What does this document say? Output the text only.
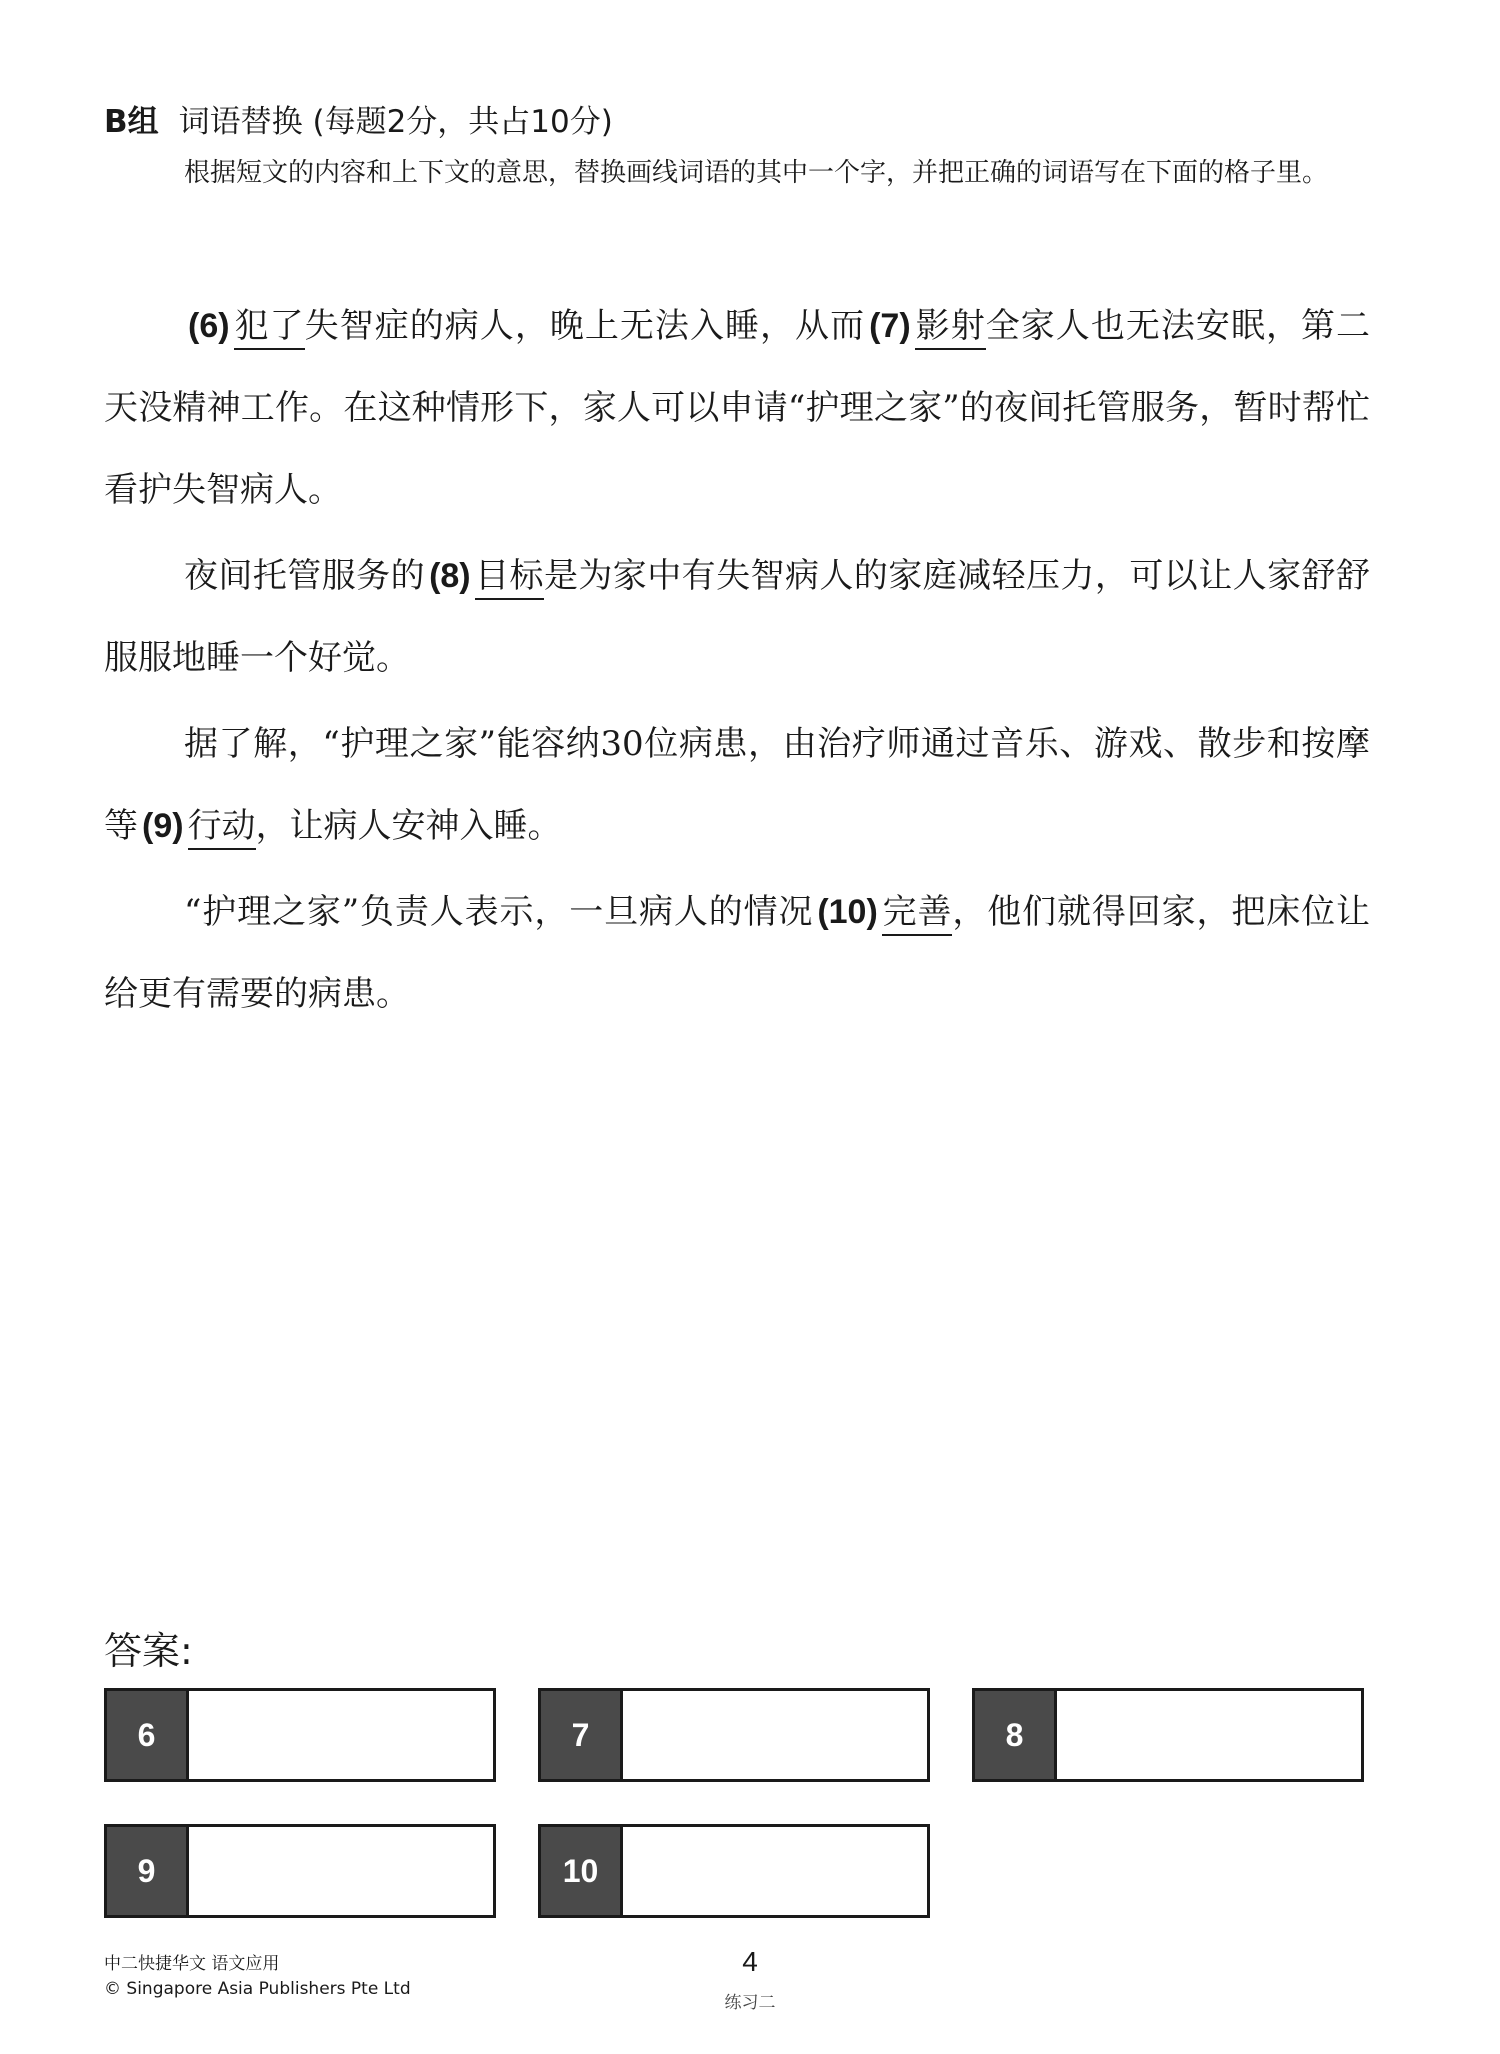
B组 词语替换 (每题2分，共占10分)
根据短文的内容和上下文的意思，替换画线词语的其中一个字，并把正确的词语写在下面的格子里。

(6) 犯了失智症的病人，晚上无法入睡，从而 (7) 影射全家人也无法安眠，第二天没精神工作。在这种情形下，家人可以申请“护理之家”的夜间托管服务，暂时帮忙看护失智病人。

夜间托管服务的 (8) 目标是为家中有失智病人的家庭减轻压力，可以让人家舒舒服服地睡一个好觉。

据了解，“护理之家”能容纳30位病患，由治疗师通过音乐、游戏、散步和按摩等 (9) 行动，让病人安神入睡。

“护理之家”负责人表示，一旦病人的情况 (10) 完善，他们就得回家，把床位让给更有需要的病患。

答案:
6	7	8
9	10
中二快捷华文 语文应用
© Singapore Asia Publishers Pte Ltd
4
练习二
